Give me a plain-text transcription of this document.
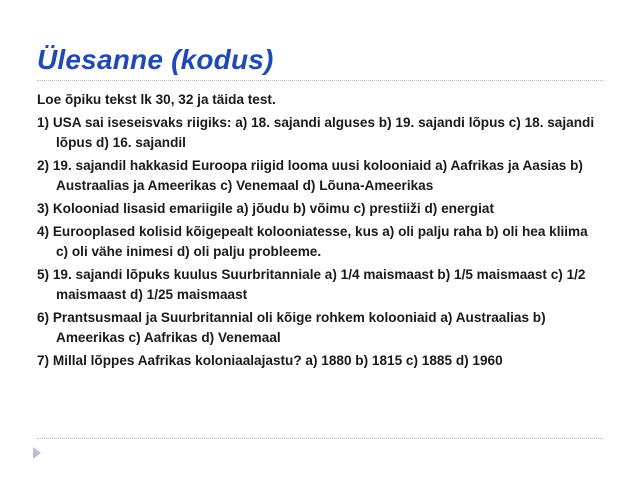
Ülesanne (kodus)

Loe õpiku tekst lk 30, 32 ja täida test.

1) USA sai iseseisvaks riigiks: a) 18. sajandi alguses b) 19. sajandi lõpus c) 18. sajandi lõpus d) 16. sajandil

2) 19. sajandil hakkasid Euroopa riigid looma uusi kolooniaid a) Aafrikas ja Aasias b) Austraalias ja Ameerikas c) Venemaal d) Lõuna-Ameerikas

3) Kolooniad lisasid emariigile a) jõudu b) võimu c) prestiiži d) energiat

4) Eurooplased kolisid kõigepealt kolooniatesse, kus a) oli palju raha b) oli hea kliima c) oli vähe inimesi d) oli palju probleeme.

5) 19. sajandi lõpuks kuulus Suurbritanniale a) 1/4 maismaast b) 1/5 maismaast c) 1/2 maismaast d) 1/25 maismaast

6) Prantsusmaal ja Suurbritannial oli kõige rohkem kolooniaid a) Austraalias b) Ameerikas c) Aafrikas d) Venemaal

7) Millal lõppes Aafrikas koloniaalajastu? a) 1880 b) 1815 c) 1885 d) 1960
